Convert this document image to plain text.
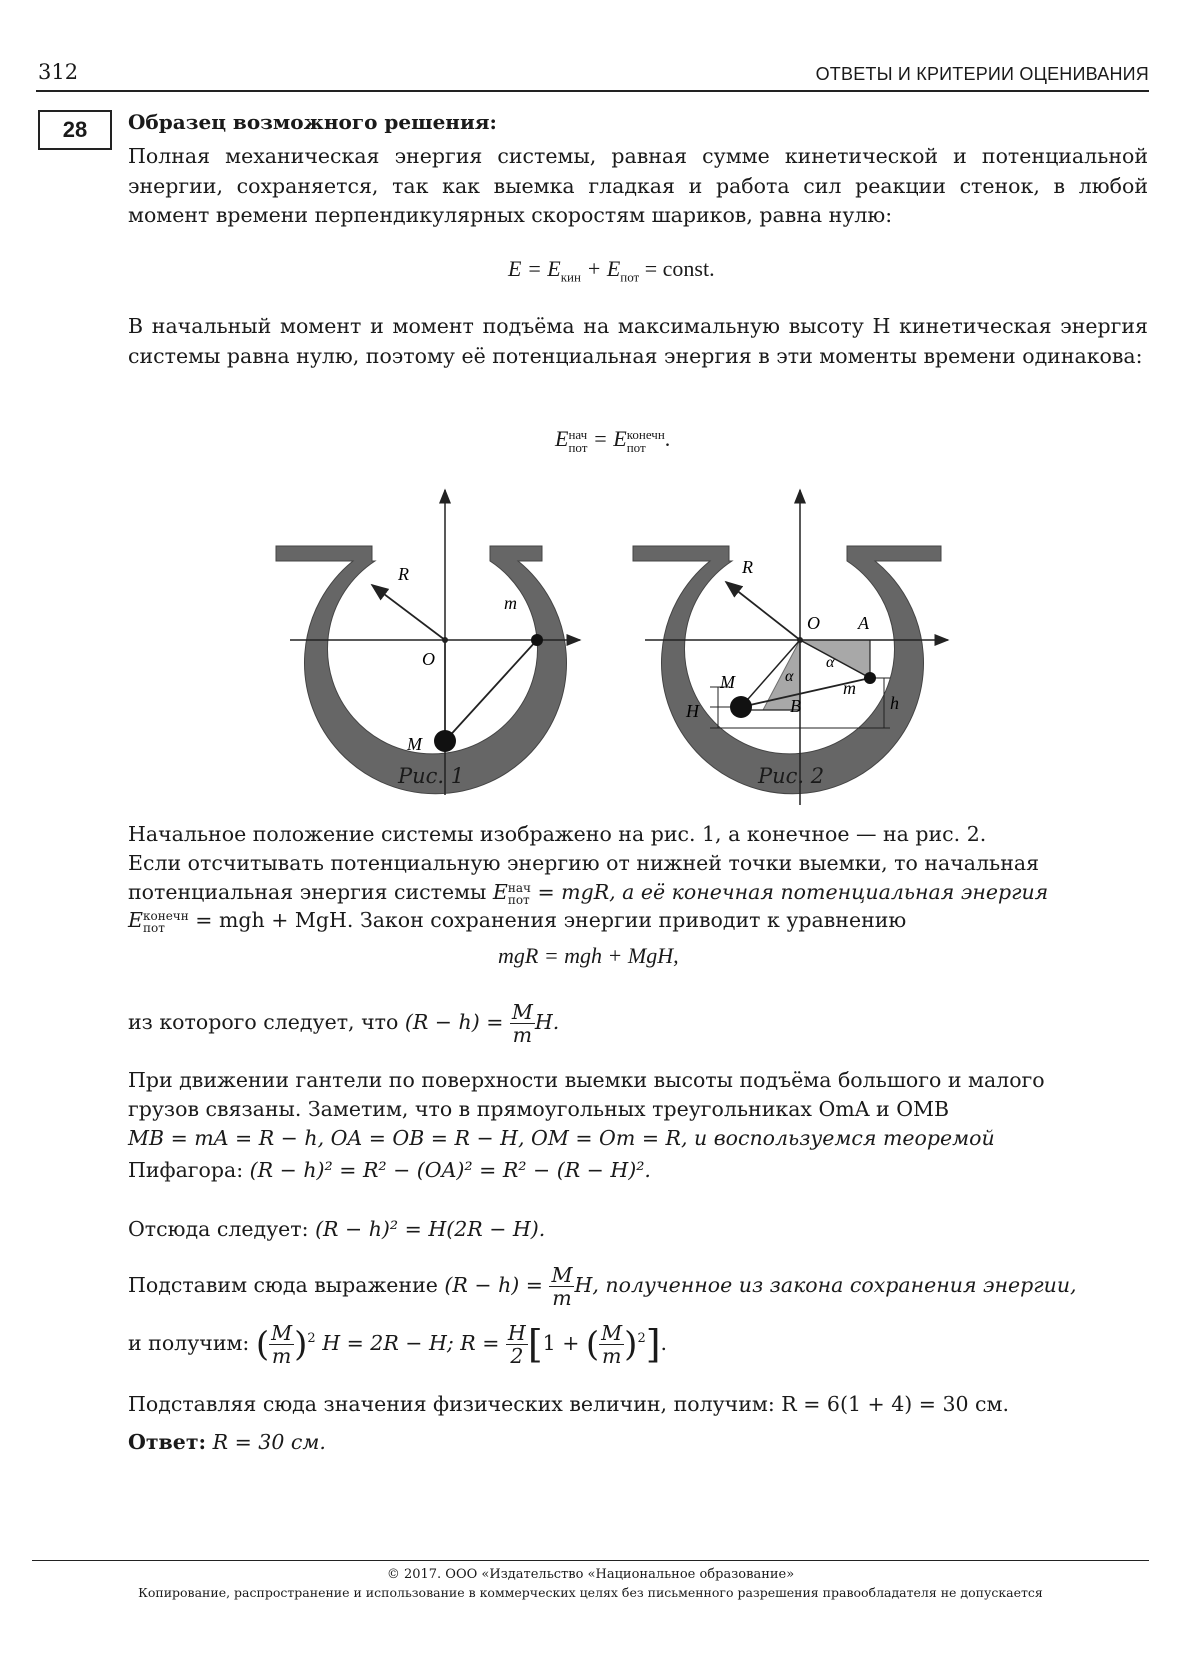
312	ОТВЕТЫ И КРИТЕРИИ ОЦЕНИВАНИЯ
28	Образец возможного решения:
Полная механическая энергия системы, равная сумме кинетической и потенциальной энергии, сохраняется, так как выемка гладкая и работа сил реакции стенок, в любой момент времени перпендикулярных скоростям шариков, равна нулю:
$E = E_{кин} + E_{пот}$ = const.
В начальный момент и момент подъёма на максимальную высоту H кинетическая энергия системы равна нулю, поэтому её потенциальная энергия в эти моменты времени одинакова:
E нач
пот = E конечн
пот .
R
O
m
M
R
O A
α
α
M	m
B
H	h
Рис. 1	Рис. 2
Начальное положение системы изображено на рис. 1, а конечное — на рис. 2.
Если отсчитывать потенциальную энергию от нижней точки выемки, то начальная
потенциальная энергия системы E нач
пот = mgR, а её конечная потенциальная энергия
E конечн
пот	= mgh + MgH. Закон сохранения энергии приводит к уравнению
mgR = mgh + MgH,
из которого следует, что $(R - h) = \frac{M}{m} H$.
При движении гантели по поверхности выемки высоты подъёма большого и малого
грузов связаны. Заметим, что в прямоугольных треугольниках OmA и OMB
MB = mA = R − h, OA = OB = R − H, OM = Om = R, и воспользуемся теоремой
Пифагора: (R − h)² = R² − (OA)² = R² − (R − H)².
Отсюда следует: (R − h)² = H(2R − H).
Подставим сюда выражение $(R - h) = \frac{M}{m} H$, полученное из закона сохранения энергии,
и получим: ( $\frac{M}{m} )^2$ H = 2R − H; $R = \frac{H}{2} [1$ + ( $\frac{M}{m} )^2$].
Подставляя сюда значения физических величин, получим: R = 6(1 + 4) = 30 см.
Ответ: R = 30 см.
© 2017. ООО «Издательство «Национальное образование»
Копирование, распространение и использование в коммерческих целях без письменного разрешения правообладателя не допускается
